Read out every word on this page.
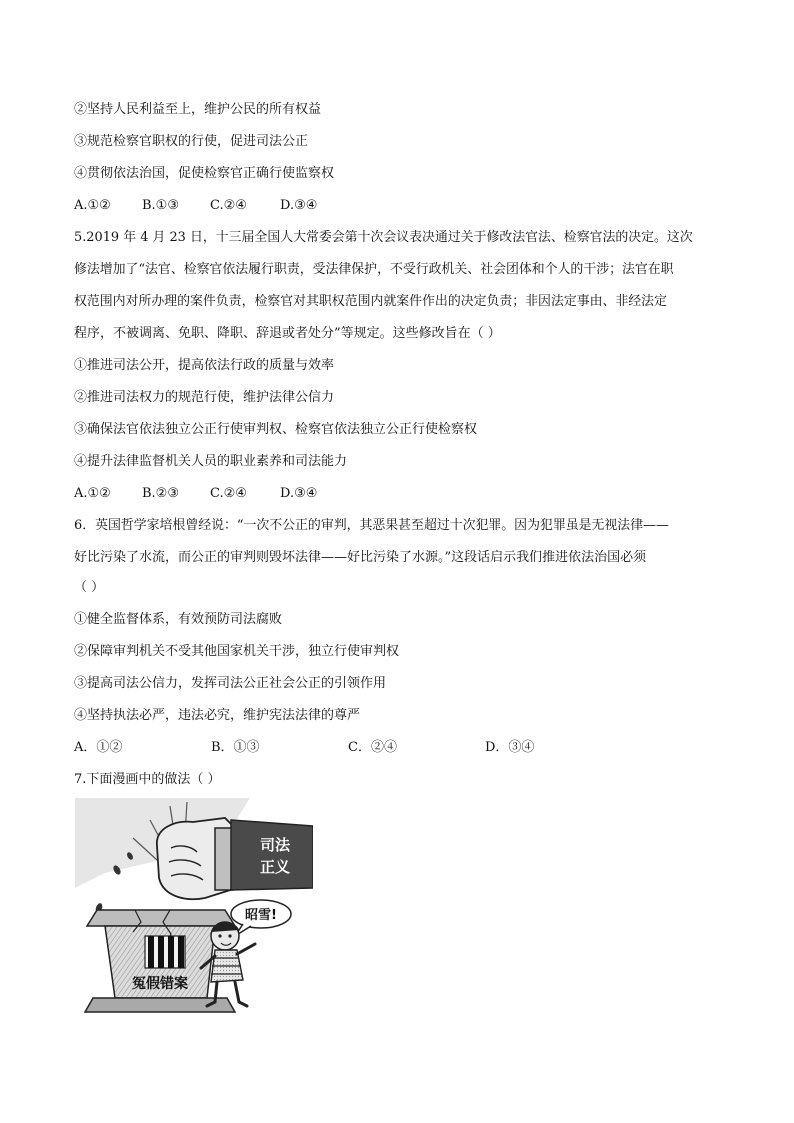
②坚持人民利益至上，维护公民的所有权益
③规范检察官职权的行使，促进司法公正
④贯彻依法治国，促使检察官正确行使监察权
A.①② B.①③ C.②④	D.③④
5.2019 年 4 月 23 日，十三届全国人大常委会第十次会议表决通过关于修改法官法、检察官法的决定。这次
修法增加了“法官、检察官依法履行职责，受法律保护，不受行政机关、社会团体和个人的干涉；法官在职
权范围内对所办理的案件负责，检察官对其职权范围内就案件作出的决定负责；非因法定事由、非经法定
程序，不被调离、免职、降职、辞退或者处分”等规定。这些修改旨在（ ）
①推进司法公开，提高依法行政的质量与效率
②推进司法权力的规范行使，维护法律公信力
③确保法官依法独立公正行使审判权、检察官依法独立公正行使检察权
④提升法律监督机关人员的职业素养和司法能力
A.①② B.②③ C.②④	D.③④
6．英国哲学家培根曾经说：“一次不公正的审判，其恶果甚至超过十次犯罪。因为犯罪虽是无视法律——
好比污染了水流，而公正的审判则毁坏法律——好比污染了水源。”这段话启示我们推进依法治国必须
（ ）
①健全监督体系，有效预防司法腐败
②保障审判机关不受其他国家机关干涉，独立行使审判权
③提高司法公信力，发挥司法公正社会公正的引领作用
④坚持执法必严，违法必究，维护宪法法律的尊严
A．①②	B．①③	C．②④	D．③④
7.下面漫画中的做法（ ）
冤假错案
司法
正义
昭雪!
